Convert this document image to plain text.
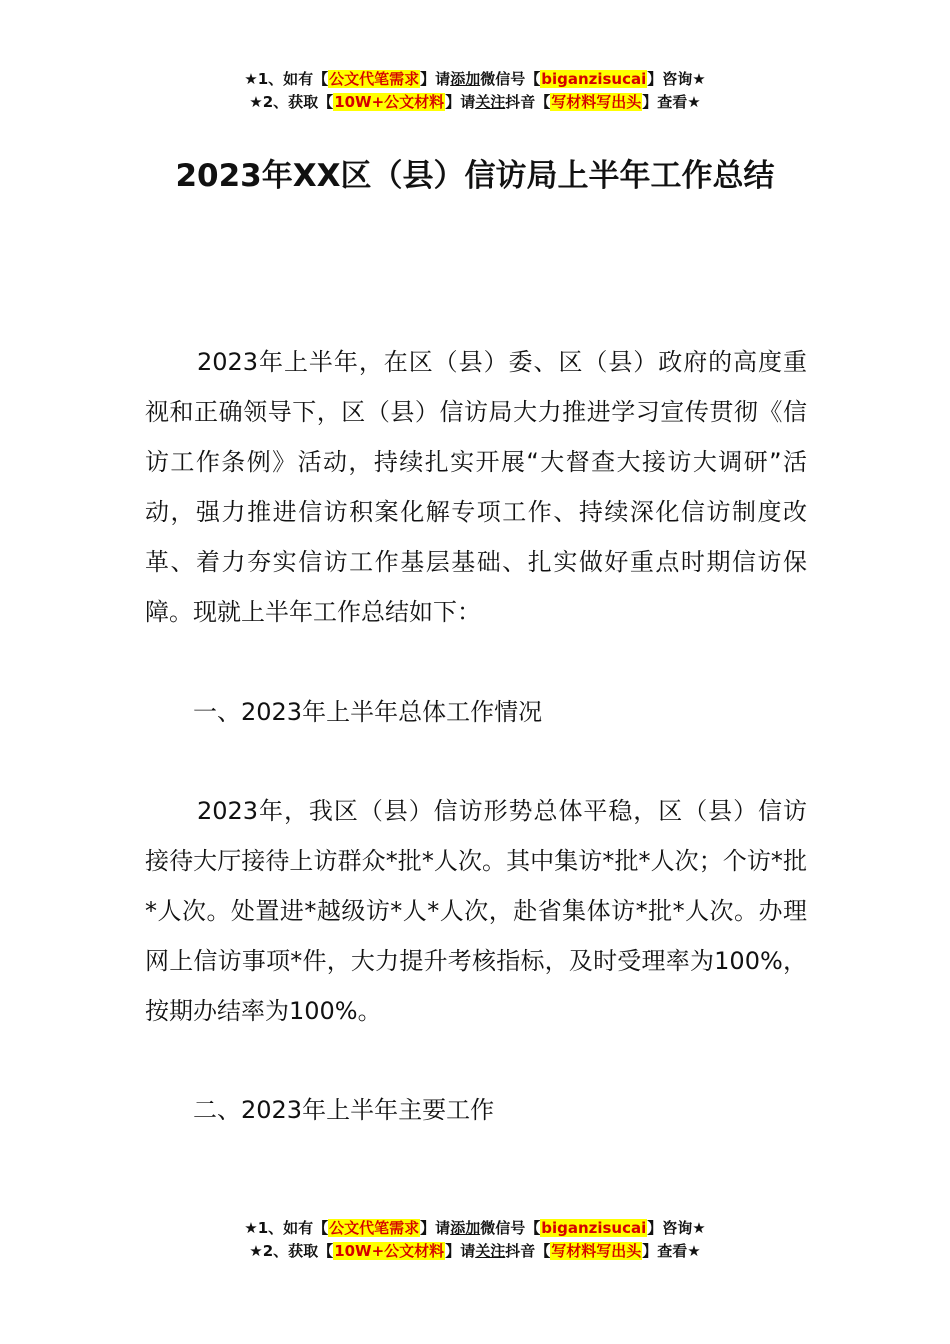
★1、如有【公文代笔需求】请添加微信号【biganzisucai】咨询★
★2、获取【10W+公文材料】请关注抖音【写材料写出头】查看★
2023年XX区（县）信访局上半年工作总结

2023年上半年，在区（县）委、区（县）政府的高度重视和正确领导下，区（县）信访局大力推进学习宣传贯彻《信访工作条例》活动，持续扎实开展“大督查大接访大调研”活动，强力推进信访积案化解专项工作、持续深化信访制度改革、着力夯实信访工作基层基础、扎实做好重点时期信访保障。现就上半年工作总结如下：

一、2023年上半年总体工作情况

2023年，我区（县）信访形势总体平稳，区（县）信访接待大厅接待上访群众*批*人次。其中集访*批*人次；个访*批*人次。处置进*越级访*人*人次，赴省集体访*批*人次。办理网上信访事项*件，大力提升考核指标，及时受理率为100%，按期办结率为100%。

二、2023年上半年主要工作

★1、如有【公文代笔需求】请添加微信号【biganzisucai】咨询★
★2、获取【10W+公文材料】请关注抖音【写材料写出头】查看★
